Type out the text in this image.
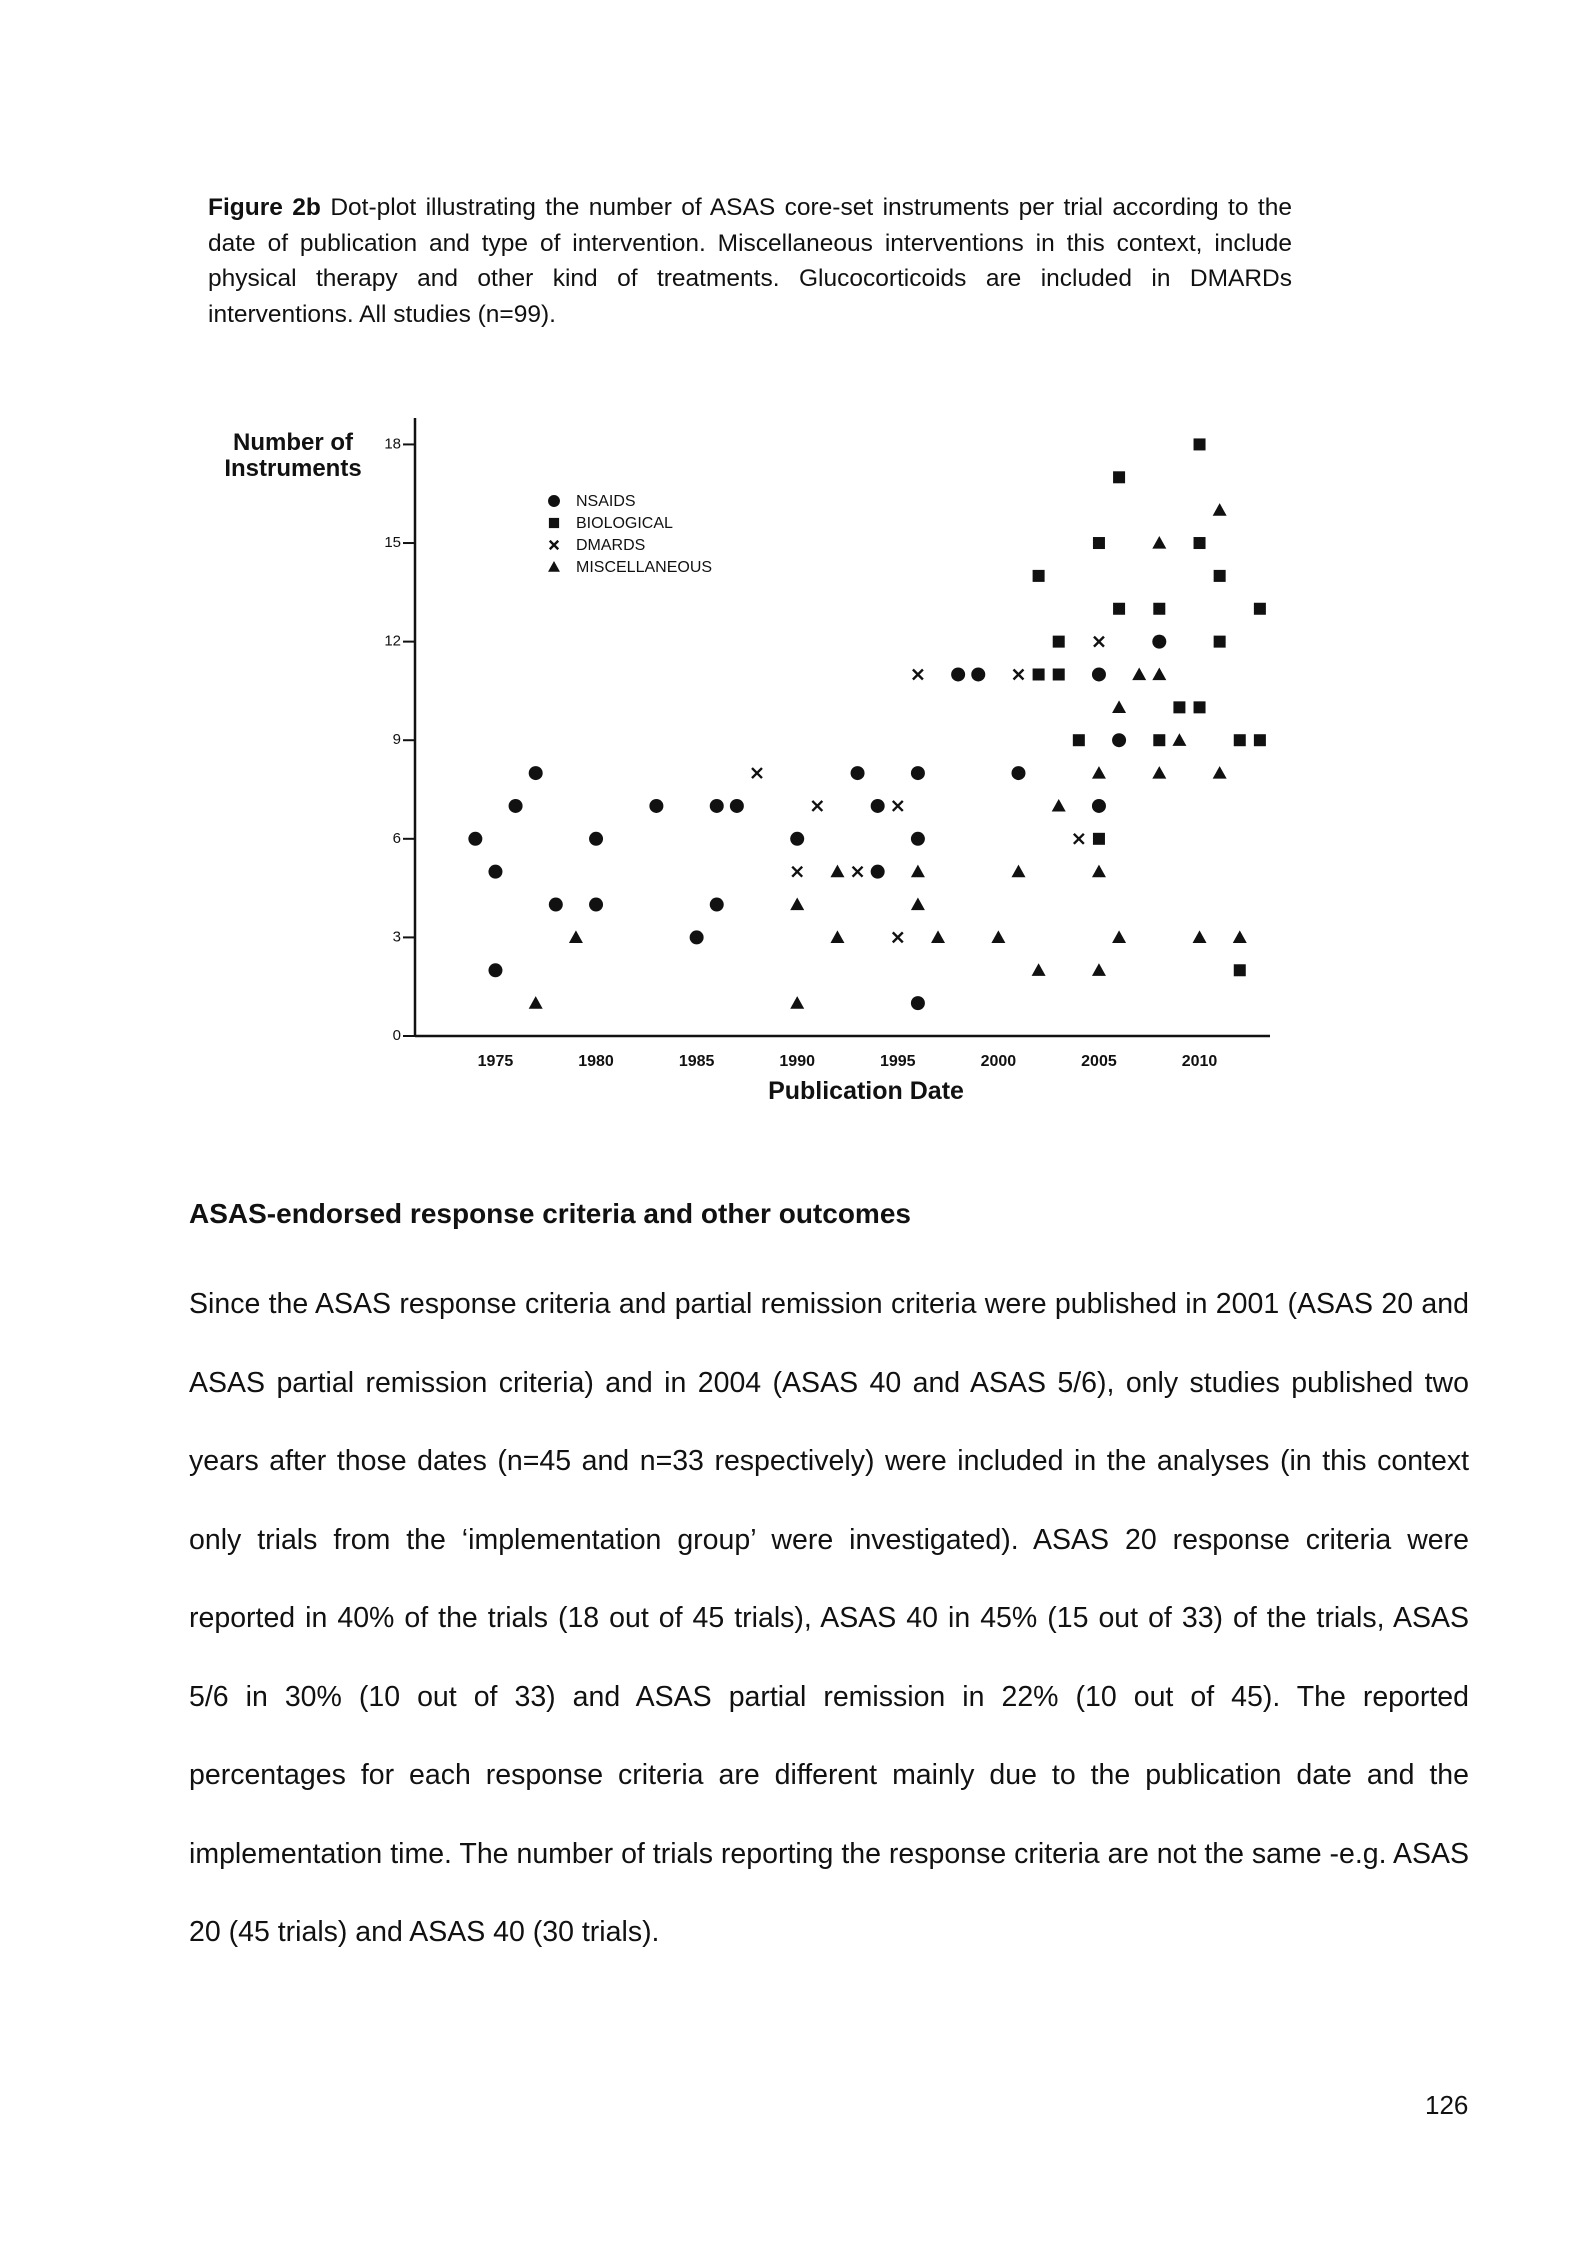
Figure 2b Dot-plot illustrating the number of ASAS core-set instruments per trial according to the date of publication and type of intervention. Miscellaneous interventions in this context, include physical therapy and other kind of treatments. Glucocorticoids are included in DMARDs interventions. All studies (n=99).
Number of
Instruments
Publication Date
0
3
6
9
12
15
18
1975	1980	1985	1990	1995	2000	2005	2010
NSAIDS
BIOLOGICAL
DMARDS
MISCELLANEOUS
ASAS-endorsed response criteria and other outcomes

Since the ASAS response criteria and partial remission criteria were published in 2001 (ASAS 20 and ASAS partial remission criteria) and in 2004 (ASAS 40 and ASAS 5/6), only studies published two years after those dates (n=45 and n=33 respectively) were included in the analyses (in this context only trials from the ‘implementation group’ were investigated). ASAS 20 response criteria were reported in 40% of the trials (18 out of 45 trials), ASAS 40 in 45% (15 out of 33) of the trials, ASAS 5/6 in 30% (10 out of 33) and ASAS partial remission in 22% (10 out of 45). The reported percentages for each response criteria are different mainly due to the publication date and the implementation time. The number of trials reporting the response criteria are not the same -e.g. ASAS 20 (45 trials) and ASAS 40 (30 trials).

126
